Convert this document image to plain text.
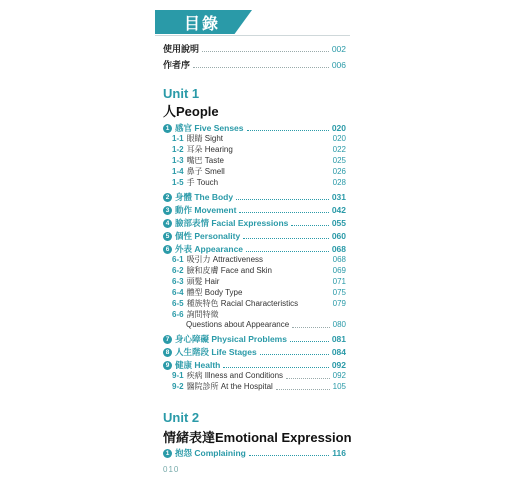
目錄
使用說明	002
作者序	006
Unit 1
人People
1 感官 Five Senses	020
1-1 眼睛 Sight	020
1-2 耳朵 Hearing	022
1-3 嘴巴 Taste	025
1-4 鼻子 Smell	026
1-5 手 Touch	028
2 身體 The Body	031
3 動作 Movement	042
4 臉部表情 Facial Expressions	055
5 個性 Personality	060
6 外表 Appearance	068
6-1 吸引力 Attractiveness	068
6-2 臉和皮膚 Face and Skin	069
6-3 頭髮 Hair	071
6-4 體型 Body Type	075
6-5 種族特色 Racial Characteristics	079
6-6 詢問特徵
Questions about Appearance	080
7 身心障礙 Physical Problems	081
8 人生階段 Life Stages	084
9 健康 Health	092
9-1 疾病 Illness and Conditions	092
9-2 醫院診所 At the Hospital	105
Unit 2
情緒表達Emotional Expression
1 抱怨 Complaining	116
010
